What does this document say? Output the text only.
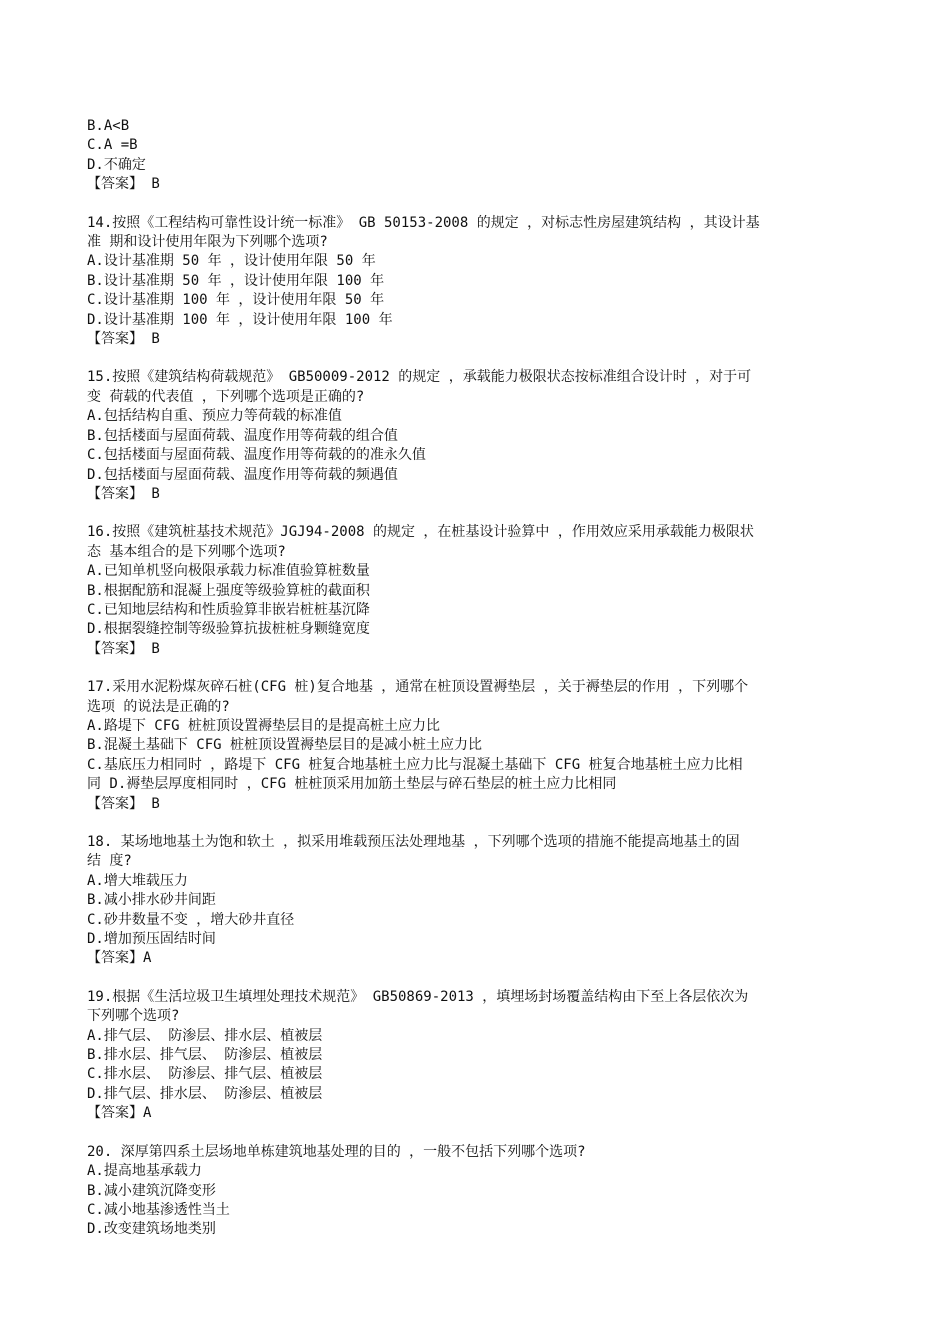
B.A<B
C.A =B
D.不确定
【答案】 B
14.按照《工程结构可靠性设计统一标准》 GB 50153-2008 的规定 ，对标志性房屋建筑结构 ，其设计基
准 期和设计使用年限为下列哪个选项?
A.设计基准期 50 年 ，设计使用年限 50 年
B.设计基准期 50 年 ，设计使用年限 100 年
C.设计基准期 100 年 ，设计使用年限 50 年
D.设计基准期 100 年 ，设计使用年限 100 年
【答案】 B
15.按照《建筑结构荷载规范》 GB50009-2012 的规定 ，承载能力极限状态按标准组合设计时 ，对于可
变 荷载的代表值 ，下列哪个选项是正确的?
A.包括结构自重、预应力等荷载的标准值
B.包括楼面与屋面荷载、温度作用等荷载的组合值
C.包括楼面与屋面荷载、温度作用等荷载的的准永久值
D.包括楼面与屋面荷载、温度作用等荷载的频遇值
【答案】 B
16.按照《建筑桩基技术规范》JGJ94-2008 的规定 ，在桩基设计验算中 ，作用效应采用承载能力极限状
态 基本组合的是下列哪个选项?
A.已知单机竖向极限承载力标准值验算桩数量
B.根据配筋和混凝上强度等级验算桩的截面积
C.已知地层结构和性质验算非嵌岩桩桩基沉降
D.根据裂缝控制等级验算抗拔桩桩身颗缝宽度
【答案】 B
17.采用水泥粉煤灰碎石桩(CFG 桩)复合地基 ，通常在桩顶设置褥垫层 ，关于褥垫层的作用 ，下列哪个
选项 的说法是正确的?
A.路堤下 CFG 桩桩顶设置褥垫层目的是提高桩土应力比
B.混凝土基础下 CFG 桩桩顶设置褥垫层目的是减小桩土应力比
C.基底压力相同时 ，路堤下 CFG 桩复合地基桩土应力比与混凝土基础下 CFG 桩复合地基桩土应力比相
同 D.褥垫层厚度相同时 ，CFG 桩桩顶采用加筋土垫层与碎石垫层的桩土应力比相同
【答案】 B
18. 某场地地基土为饱和软土 ，拟采用堆载预压法处理地基 ，下列哪个选项的措施不能提高地基土的固
结 度?
A.增大堆载压力
B.减小排水砂井间距
C.砂井数量不变 ，增大砂井直径
D.增加预压固结时间
【答案】A
19.根据《生活垃圾卫生填埋处理技术规范》 GB50869-2013 ，填埋场封场覆盖结构由下至上各层依次为
下列哪个选项?
A.排气层、 防渗层、排水层、植被层
B.排水层、排气层、 防渗层、植被层
C.排水层、 防渗层、排气层、植被层
D.排气层、排水层、 防渗层、植被层
【答案】A
20. 深厚第四系土层场地单栋建筑地基处理的目的 ，一般不包括下列哪个选项?
A.提高地基承载力
B.减小建筑沉降变形
C.减小地基渗透性当土
D.改变建筑场地类别
